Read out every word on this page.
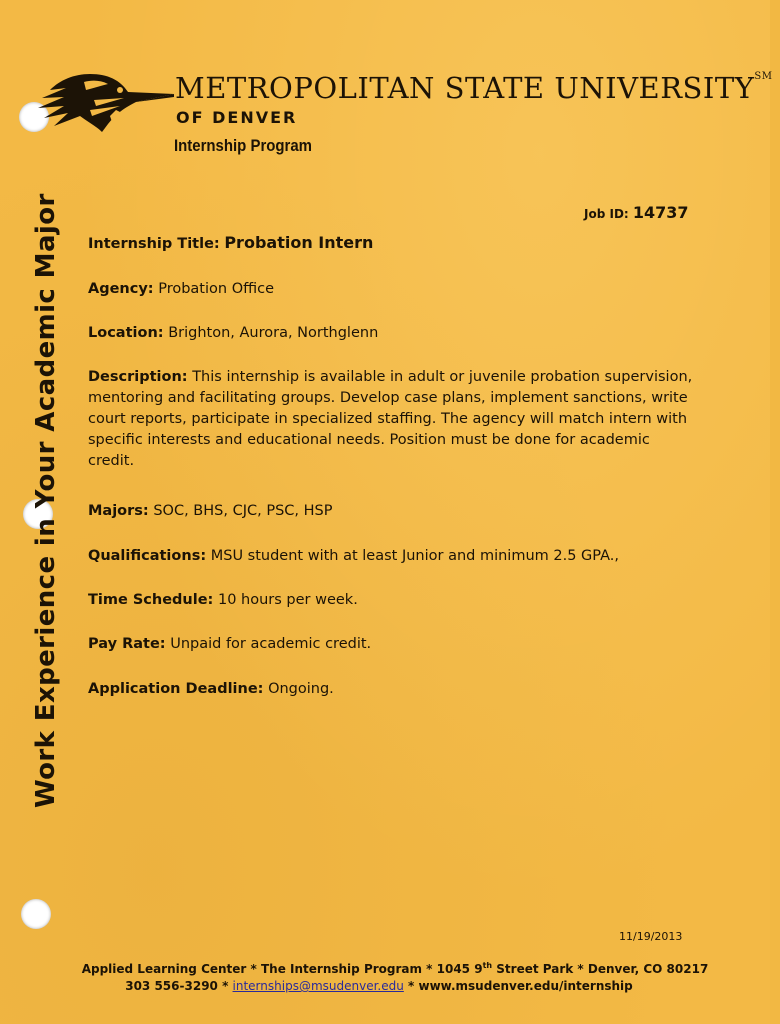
METROPOLITAN STATE UNIVERSITY℠
OF DENVER
Internship Program
Work Experience in Your Academic Major	Job ID: 14737
Internship Title: Probation Intern
Agency: Probation Office
Location: Brighton, Aurora, Northglenn
Description: This internship is available in adult or juvenile probation supervision, mentoring and facilitating groups. Develop case plans, implement sanctions, write court reports, participate in specialized staffing. The agency will match intern with specific interests and educational needs. Position must be done for academic credit.
Majors: SOC, BHS, CJC, PSC, HSP
Qualifications: MSU student with at least Junior and minimum 2.5 GPA.,
Time Schedule: 10 hours per week.
Pay Rate: Unpaid for academic credit.
Application Deadline: Ongoing.
11/19/2013
Applied Learning Center * The Internship Program * 1045 9th Street Park * Denver, CO 80217
303 556-3290 * internships@msudenver.edu * www.msudenver.edu/internship
